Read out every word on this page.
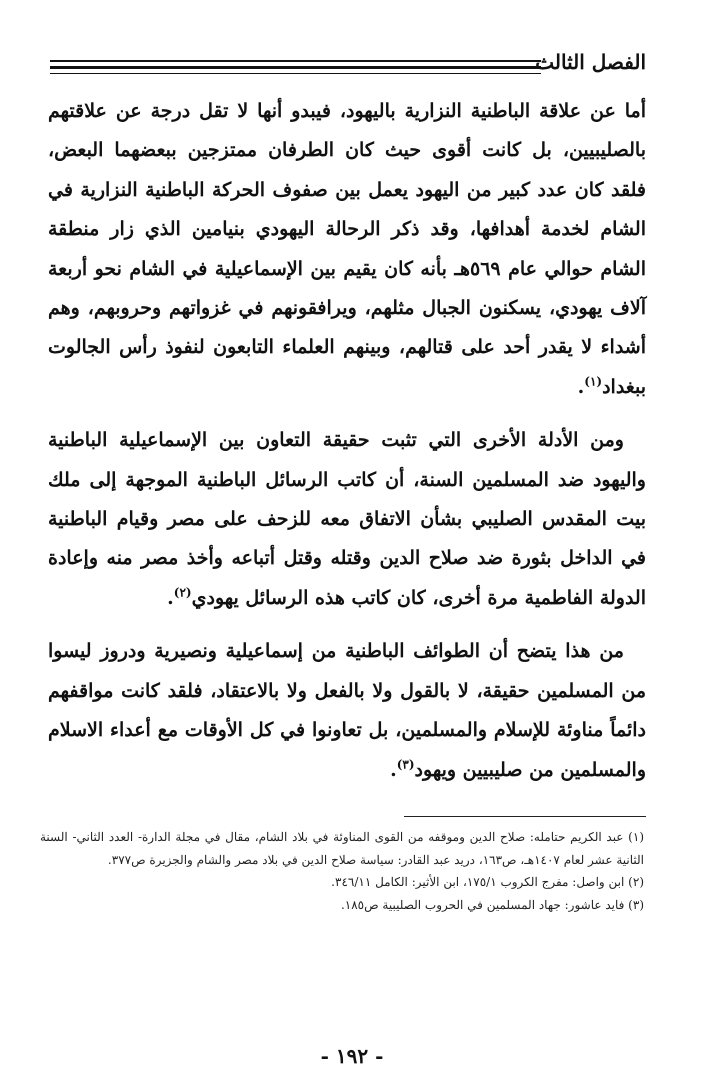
الفصل الثالث

أما عن علاقة الباطنية النزارية باليهود، فيبدو أنها لا تقل درجة عن علاقتهم بالصليبيين، بل كانت أقوى حيث كان الطرفان ممتزجين ببعضهما البعض، فلقد كان عدد كبير من اليهود يعمل بين صفوف الحركة الباطنية النزارية في الشام لخدمة أهدافها، وقد ذكر الرحالة اليهودي بنيامين الذي زار منطقة الشام حوالي عام ٥٦٩هـ بأنه كان يقيم بين الإسماعيلية في الشام نحو أربعة آلاف يهودي، يسكنون الجبال مثلهم، ويرافقونهم في غزواتهم وحروبهم، وهم أشداء لا يقدر أحد على قتالهم، وبينهم العلماء التابعون لنفوذ رأس الجالوت ببغداد$^{(١)}$.

ومن الأدلة الأخرى التي تثبت حقيقة التعاون بين الإسماعيلية الباطنية واليهود ضد المسلمين السنة، أن كاتب الرسائل الباطنية الموجهة إلى ملك بيت المقدس الصليبي بشأن الاتفاق معه للزحف على مصر وقيام الباطنية في الداخل بثورة ضد صلاح الدين وقتله وقتل أتباعه وأخذ مصر منه وإعادة الدولة الفاطمية مرة أخرى، كان كاتب هذه الرسائل يهودي$^{(٢)}$.

من هذا يتضح أن الطوائف الباطنية من إسماعيلية ونصيرية ودروز ليسوا من المسلمين حقيقة، لا بالقول ولا بالفعل ولا بالاعتقاد، فلقد كانت مواقفهم دائماً مناوئة للإسلام والمسلمين، بل تعاونوا في كل الأوقات مع أعداء الاسلام والمسلمين من صليبيين ويهود$^{(٣)}$.

(١) عبد الكريم حتامله: صلاح الدين وموقفه من القوى المناوئة في بلاد الشام، مقال في مجلة الدارة- العدد الثاني- السنة الثانية عشر لعام ١٤٠٧هـ، ص١٦٣، دريد عبد القادر: سياسة صلاح الدين في بلاد مصر والشام والجزيرة ص٣٧٧.

(٢) ابن واصل: مفرج الكروب ١٧٥/١، ابن الأثير: الكامل ٣٤٦/١١.

(٣) فايد عاشور: جهاد المسلمين في الحروب الصليبية ص١٨٥.

- ١٩٢ -
